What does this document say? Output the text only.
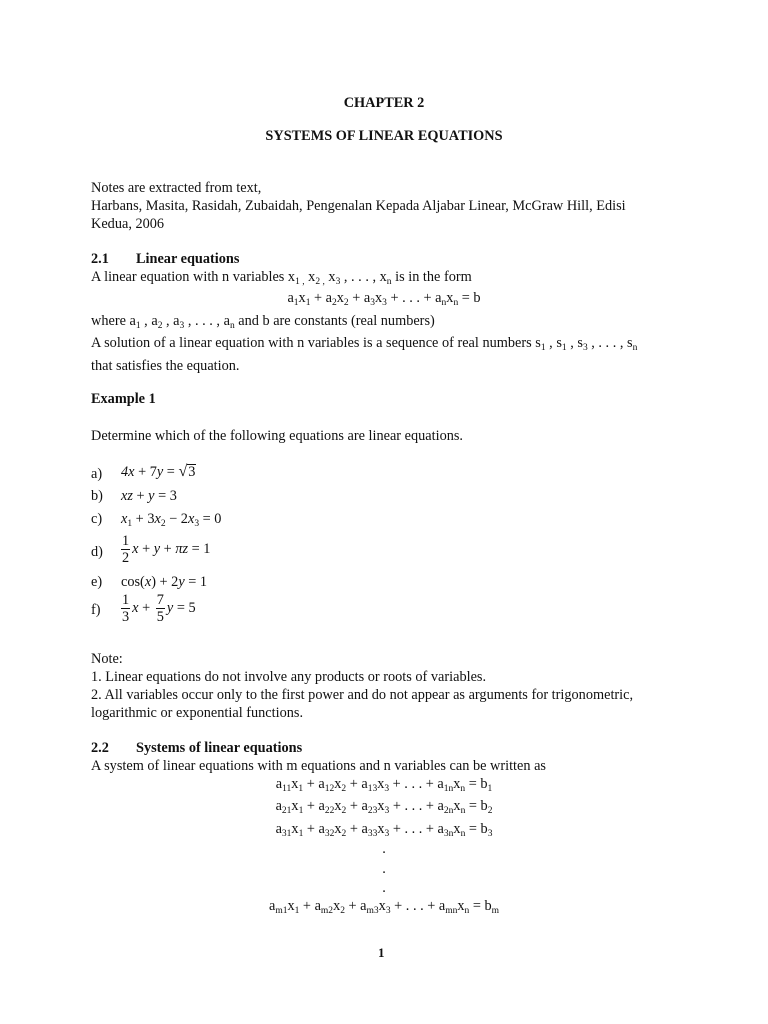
CHAPTER 2
SYSTEMS OF LINEAR EQUATIONS
Notes are extracted from text,
Harbans, Masita, Rasidah, Zubaidah, Pengenalan Kepada Aljabar Linear, McGraw Hill, Edisi
Kedua, 2006
2.1 Linear equations
A linear equation with n variables $x_{1 ,}$ $x_{2 ,}$ $x_3$ , . . . , $x_n$ is in the form
$a_1x_1 + a_2x_2 + a_3x_3$ + . . . + $a_nx_n = b$
where $a_1$ , $a_2$ , $a_3$ , . . . , $a_n$ and b are constants (real numbers)
A solution of a linear equation with n variables is a sequence of real numbers $s_1$ , $s_1$ , $s_3$ , . . . , $s_n$
that satisfies the equation.
Example 1
Determine which of the following equations are linear equations.
a) 4x + 7y = √3
b) xz + y = 3
c) $x_1 + 3x_2 - 2x_3 = 0$
$d) \frac{1}{2}$ x + y + πz = 1
e) cos(x) + 2y = 1
$f) \frac{1}{3}$ $x + \frac{7}{5}$ y = 5
Note:
1. Linear equations do not involve any products or roots of variables.
2. All variables occur only to the first power and do not appear as arguments for trigonometric,
logarithmic or exponential functions.
2.2 Systems of linear equations
A system of linear equations with m equations and n variables can be written as
$a_{11}x_1 + a_{12}x_2 + a_{13}x_3$ + . . . + $a_{1n}x_n = b_1$
$a_{21}x_1 + a_{22}x_2 + a_{23}x_3$ + . . . + $a_{2n}x_n = b_2$
$a_{31}x_1 + a_{32}x_2 + a_{33}x_3$ + . . . + $a_{3n}x_n = b_3$
.
.
.
$a_{m1}x_1 + a_{m2}x_2 + a_{m3}x_3$ + . . . + $a_{mn}x_n = b_m$
1
